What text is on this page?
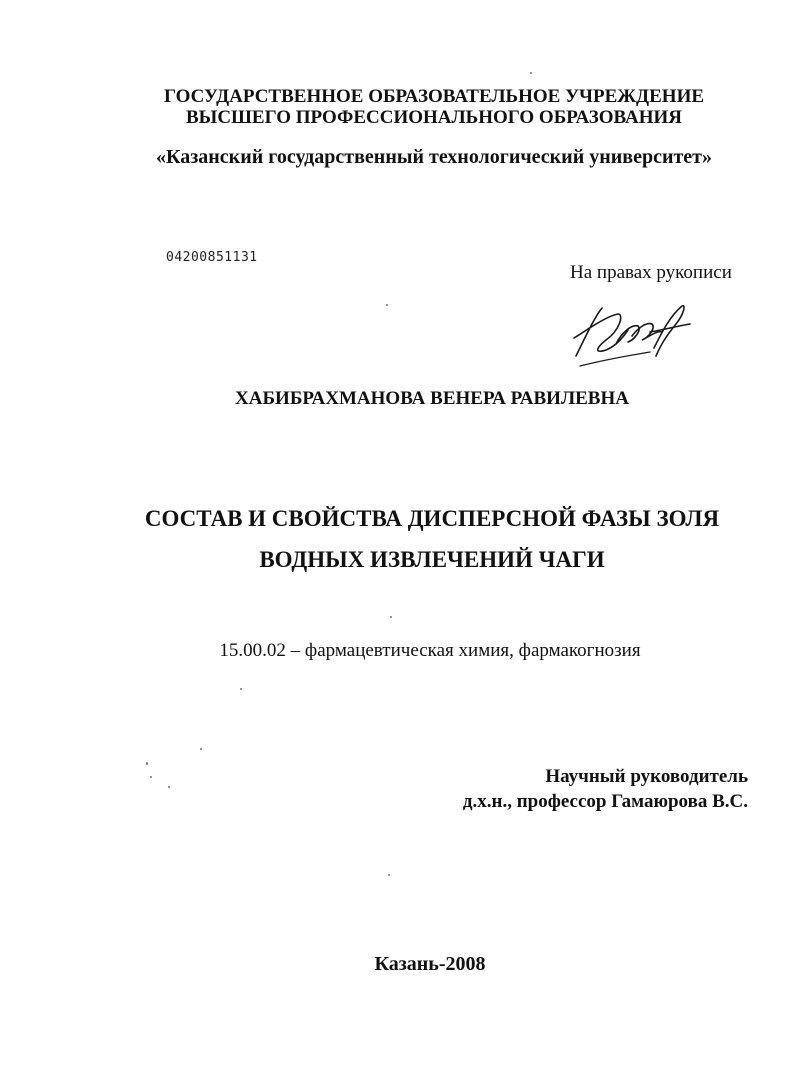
ГОСУДАРСТВЕННОЕ ОБРАЗОВАТЕЛЬНОЕ УЧРЕЖДЕНИЕ
ВЫСШЕГО ПРОФЕССИОНАЛЬНОГО ОБРАЗОВАНИЯ
«Казанский государственный технологический университет»
04200851131
На правах рукописи
ХАБИБРАХМАНОВА ВЕНЕРА РАВИЛЕВНА
СОСТАВ И СВОЙСТВА ДИСПЕРСНОЙ ФАЗЫ ЗОЛЯ
ВОДНЫХ ИЗВЛЕЧЕНИЙ ЧАГИ
15.00.02 – фармацевтическая химия, фармакогнозия
Научный руководитель
д.х.н., профессор Гамаюрова В.С.
Казань-2008
